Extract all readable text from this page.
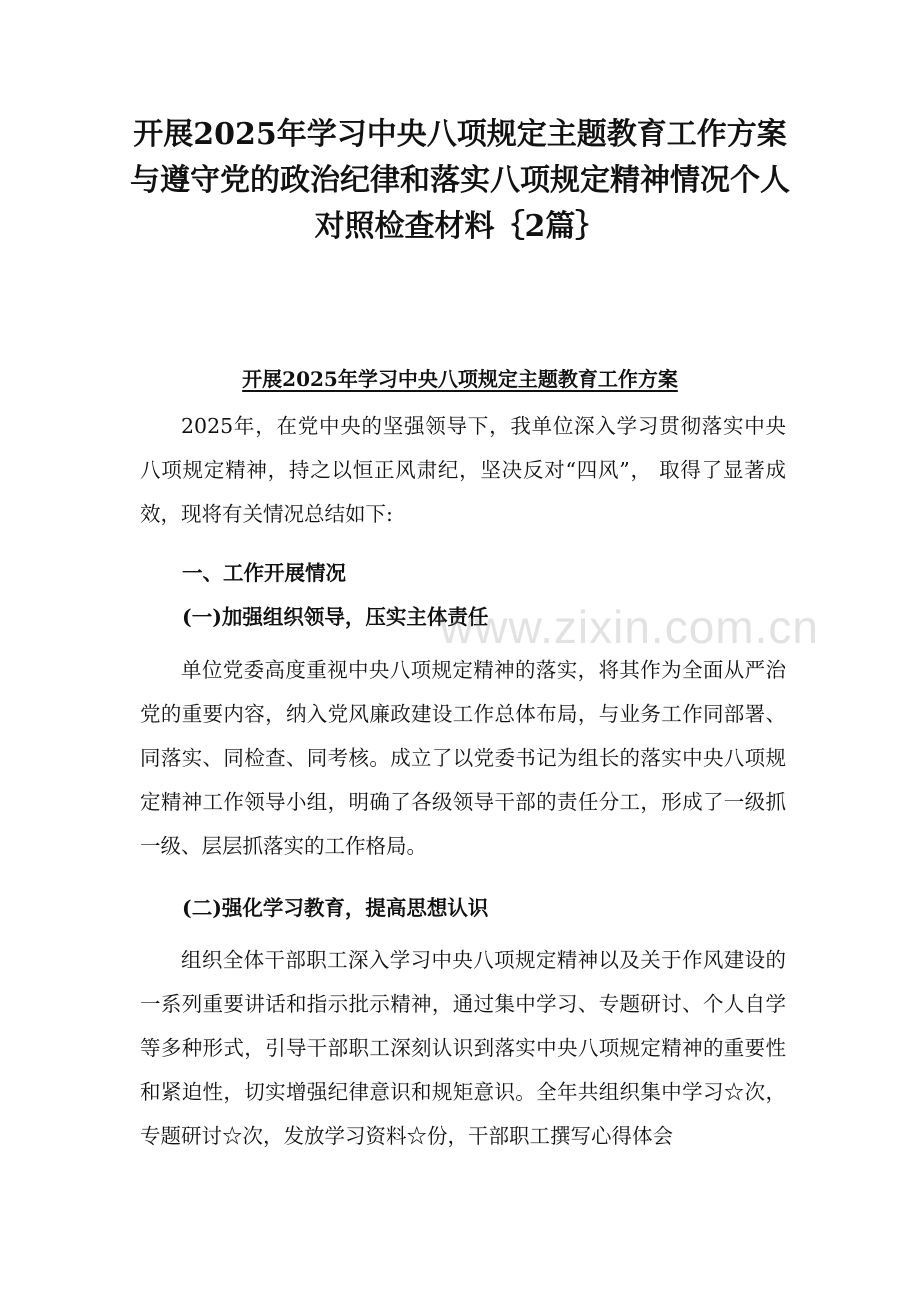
开展2025年学习中央八项规定主题教育工作方案与遵守党的政治纪律和落实八项规定精神情况个人对照检查材料｛2篇｝
开展2025年学习中央八项规定主题教育工作方案

2025年，在党中央的坚强领导下，我单位深入学习贯彻落实中央八项规定精神，持之以恒正风肃纪，坚决反对“四风”， 取得了显著成效，现将有关情况总结如下:

一、工作开展情况

(一)加强组织领导，压实主体责任

单位党委高度重视中央八项规定精神的落实，将其作为全面从严治党的重要内容，纳入党风廉政建设工作总体布局，与业务工作同部署、同落实、同检查、同考核。成立了以党委书记为组长的落实中央八项规定精神工作领导小组，明确了各级领导干部的责任分工，形成了一级抓一级、层层抓落实的工作格局。

(二)强化学习教育，提高思想认识

组织全体干部职工深入学习中央八项规定精神以及关于作风建设的一系列重要讲话和指示批示精神，通过集中学习、专题研讨、个人自学等多种形式，引导干部职工深刻认识到落实中央八项规定精神的重要性和紧迫性，切实增强纪律意识和规矩意识。全年共组织集中学习☆次，专题研讨☆次，发放学习资料☆份，干部职工撰写心得体会

www.zixin.com.cn
